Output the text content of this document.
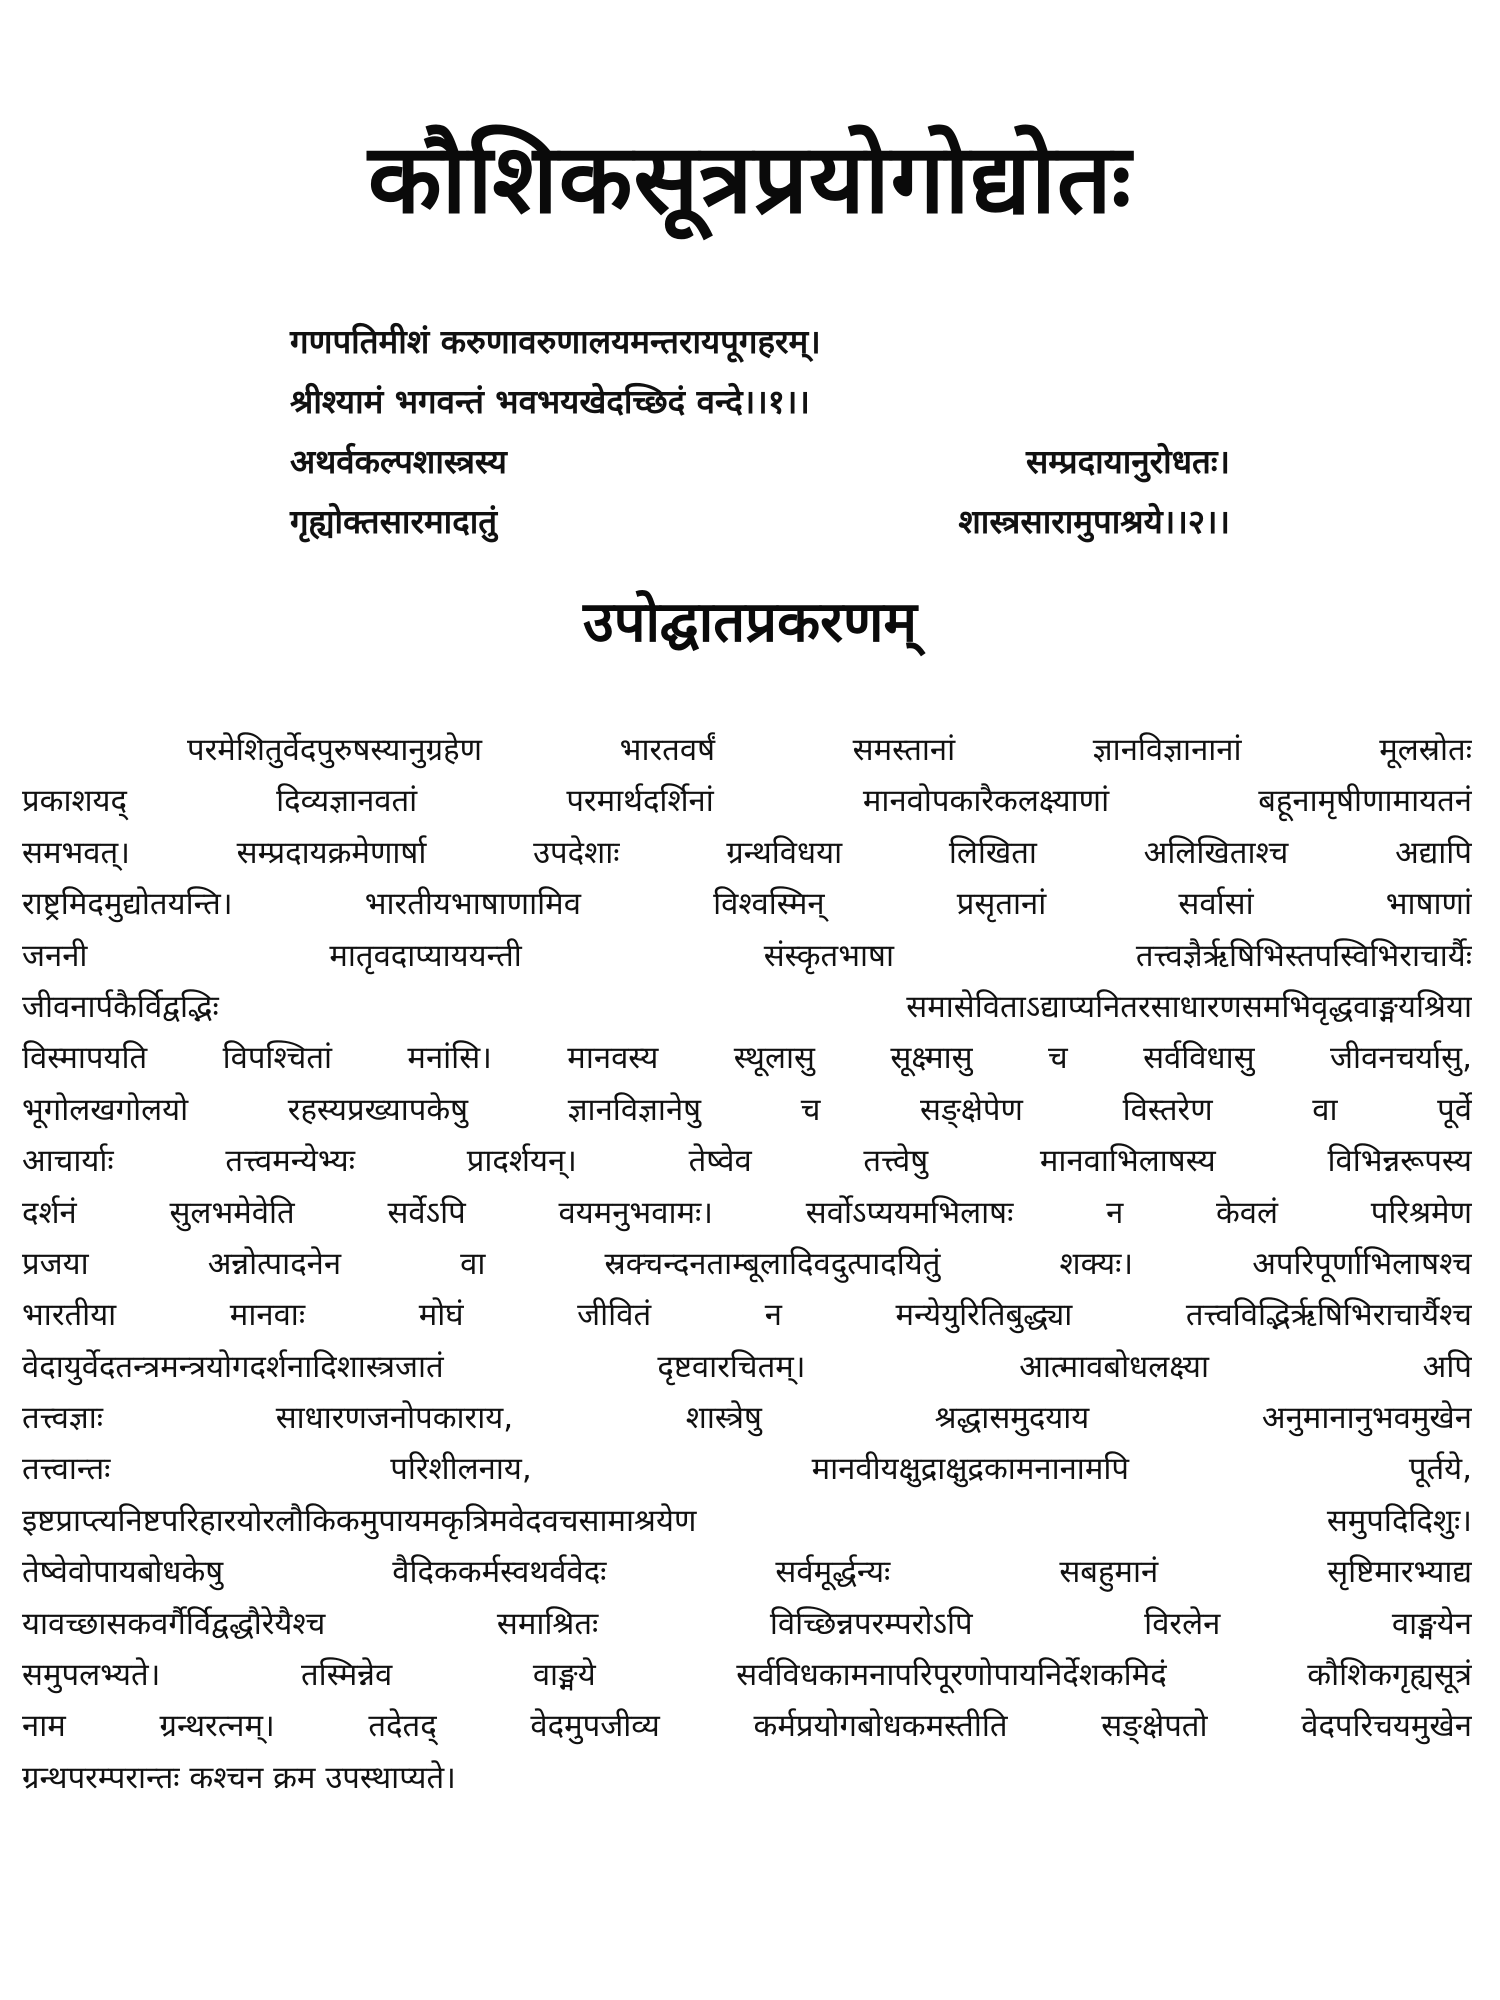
कौशिकसूत्रप्रयोगोद्योतः
गणपतिमीशं करुणावरुणालयमन्तरायपूगहरम्।
श्रीश्यामं भगवन्तं भवभयखेदच्छिदं वन्दे।।१।।
अथर्वकल्पशास्त्रस्य	सम्प्रदायानुरोधतः।
गृह्योक्तसारमादातुं	शास्त्रसारामुपाश्रये।।२।।
उपोद्घातप्रकरणम्
परमेशितुर्वेदपुरुषस्यानुग्रहेण	भारतवर्षं	समस्तानां	ज्ञानविज्ञानानां	मूलस्रोतः
प्रकाशयद्	दिव्यज्ञानवतां	परमार्थदर्शिनां	मानवोपकारैकलक्ष्याणां	बहूनामृषीणामायतनं
समभवत्।	सम्प्रदायक्रमेणार्षा	उपदेशाः	ग्रन्थविधया	लिखिता	अलिखिताश्च	अद्यापि
राष्ट्रमिदमुद्योतयन्ति।	भारतीयभाषाणामिव	विश्वस्मिन्	प्रसृतानां	सर्वासां	भाषाणां
जननी	मातृवदाप्याययन्ती	संस्कृतभाषा	तत्त्वज्ञैर्ऋषिभिस्तपस्विभिराचार्यैः
जीवनार्पकैर्विद्वद्भिः	समासेविताऽद्याप्यनितरसाधारणसमभिवृद्धवाङ्मयश्रिया
विस्मापयति विपश्चितां मनांसि। मानवस्य स्थूलासु सूक्ष्मासु च सर्वविधासु जीवनचर्यासु,
भूगोलखगोलयो	रहस्यप्रख्यापकेषु	ज्ञानविज्ञानेषु	च	सङ्क्षेपेण	विस्तरेण	वा	पूर्वे
आचार्याः	तत्त्वमन्येभ्यः	प्रादर्शयन्।	तेष्वेव	तत्त्वेषु	मानवाभिलाषस्य	विभिन्नरूपस्य
दर्शनं	सुलभमेवेति	सर्वेऽपि	वयमनुभवामः।	सर्वोऽप्ययमभिलाषः	न	केवलं	परिश्रमेण
प्रजया	अन्नोत्पादनेन	वा	स्रक्चन्दनताम्बूलादिवदुत्पादयितुं	शक्यः।	अपरिपूर्णाभिलाषश्च
भारतीया	मानवाः	मोघं	जीवितं	न	मन्येयुरितिबुद्ध्या	तत्त्वविद्भिर्ऋषिभिराचार्यैश्च
वेदायुर्वेदतन्त्रमन्त्रयोगदर्शनादिशास्त्रजातं	दृष्टवारचितम्।	आत्मावबोधलक्ष्या	अपि
तत्त्वज्ञाः	साधारणजनोपकाराय,	शास्त्रेषु	श्रद्धासमुदयाय	अनुमानानुभवमुखेन
तत्त्वान्तः	परिशीलनाय,	मानवीयक्षुद्राक्षुद्रकामनानामपि	पूर्तये,
इष्टप्राप्त्यनिष्टपरिहारयोरलौकिकमुपायमकृत्रिमवेदवचसामाश्रयेण	समुपदिदिशुः।
तेष्वेवोपायबोधकेषु	वैदिककर्मस्वथर्ववेदः	सर्वमूर्द्धन्यः	सबहुमानं	सृष्टिमारभ्याद्य
यावच्छासकवर्गैर्विद्वद्धौरेयैश्च	समाश्रितः	विच्छिन्नपरम्परोऽपि	विरलेन	वाङ्मयेन
समुपलभ्यते।	तस्मिन्नेव	वाङ्मये	सर्वविधकामनापरिपूरणोपायनिर्देशकमिदं	कौशिकगृह्यसूत्रं
नाम	ग्रन्थरत्नम्।	तदेतद्	वेदमुपजीव्य	कर्मप्रयोगबोधकमस्तीति	सङ्क्षेपतो	वेदपरिचयमुखेन
ग्रन्थपरम्परान्तः कश्चन क्रम उपस्थाप्यते।
